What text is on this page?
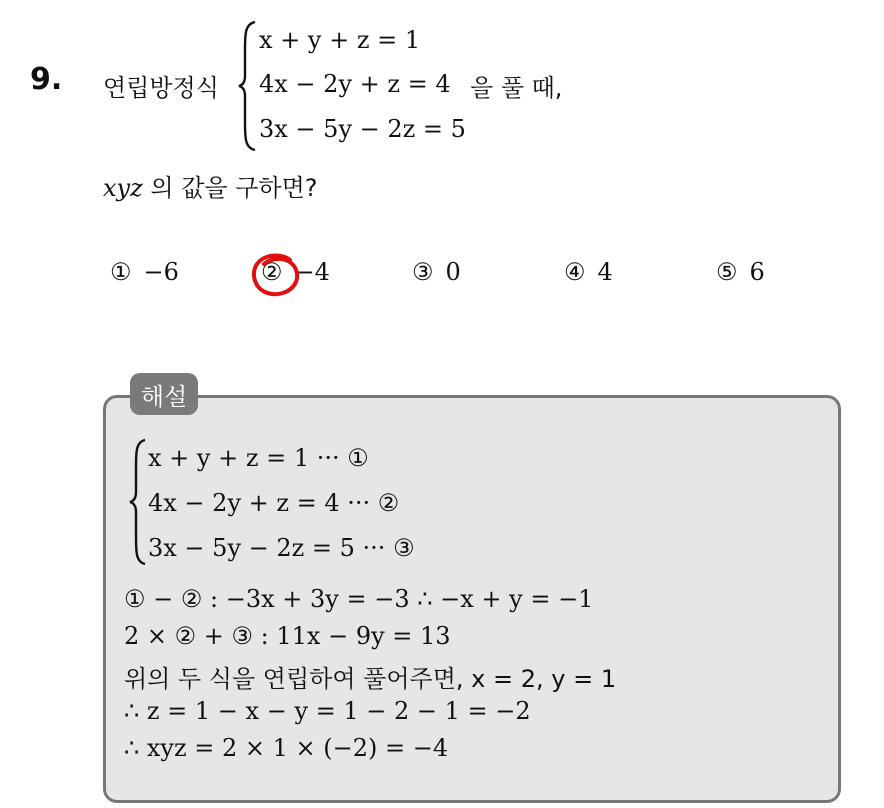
9. 연립방정식
x + y + z = 1
4x − 2y + z = 4
3x − 5y − 2z = 5
을 풀 때,
xyz 의 값을 구하면?
① −6	② −4	③ 0	④ 4	⑤ 6
해설
x + y + z = 1 ··· ①
4x − 2y + z = 4 ··· ②
3x − 5y − 2z = 5 ··· ③
① − ② : −3x + 3y = −3 ∴ −x + y = −1
2 × ② + ③ : 11x − 9y = 13
위의 두 식을 연립하여 풀어주면, x = 2, y = 1
∴ z = 1 − x − y = 1 − 2 − 1 = −2
∴ xyz = 2 × 1 × (−2) = −4
